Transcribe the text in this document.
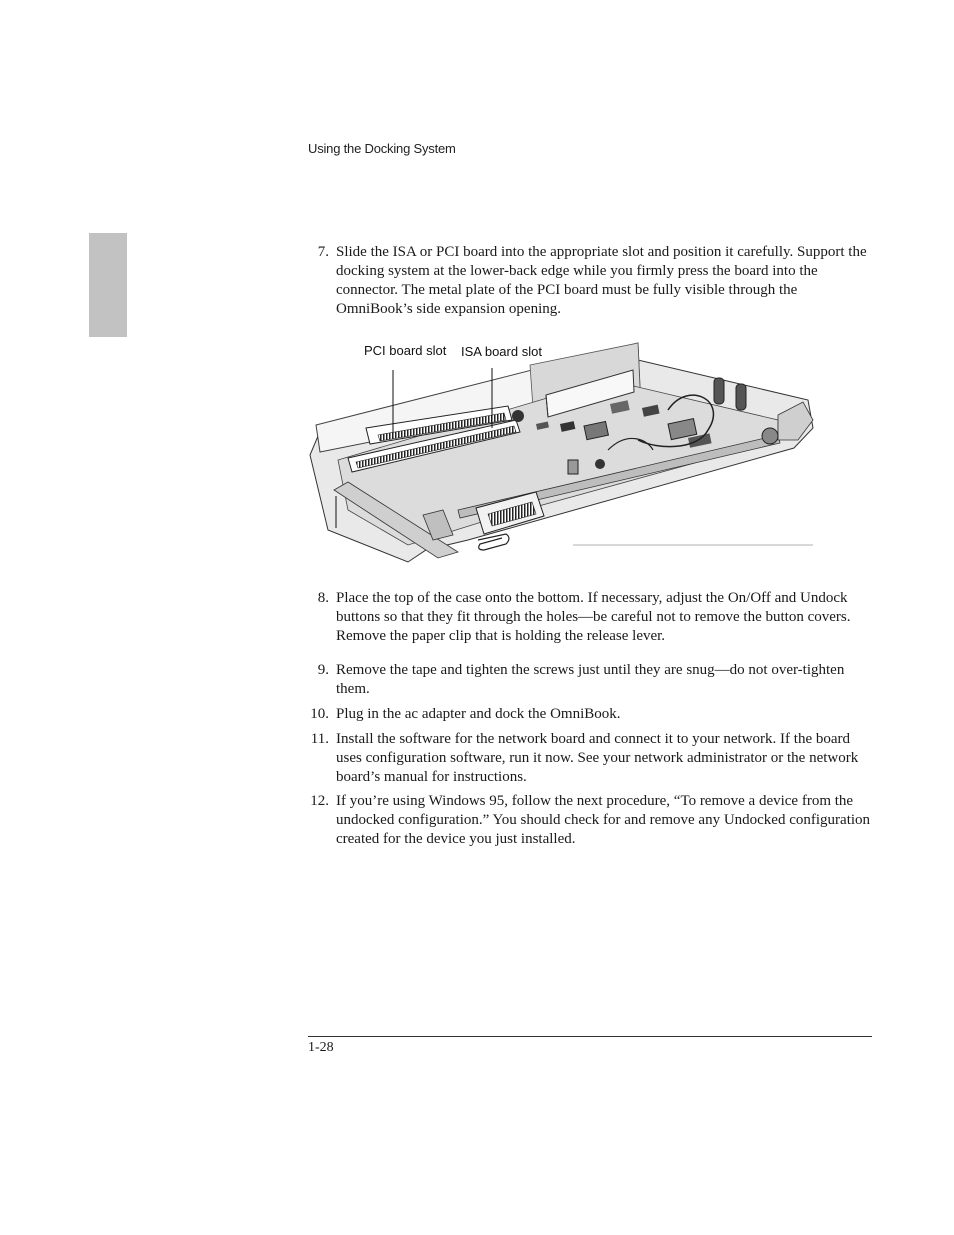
Using the Docking System
7. Slide the ISA or PCI board into the appropriate slot and position it carefully. Support the docking system at the lower-back edge while you firmly press the board into the connector. The metal plate of the PCI board must be fully visible through the OmniBook’s side expansion opening.
PCI board slot ISA board slot
8. Place the top of the case onto the bottom. If necessary, adjust the On/Off and Undock buttons so that they fit through the holes—be careful not to remove the button covers. Remove the paper clip that is holding the release lever.
9. Remove the tape and tighten the screws just until they are snug—do not over-tighten them.
10. Plug in the ac adapter and dock the OmniBook.
11. Install the software for the network board and connect it to your network. If the board uses configuration software, run it now. See your network administrator or the network board’s manual for instructions.
12. If you’re using Windows 95, follow the next procedure, “To remove a device from the undocked configuration.” You should check for and remove any Undocked configuration created for the device you just installed.
1-28
